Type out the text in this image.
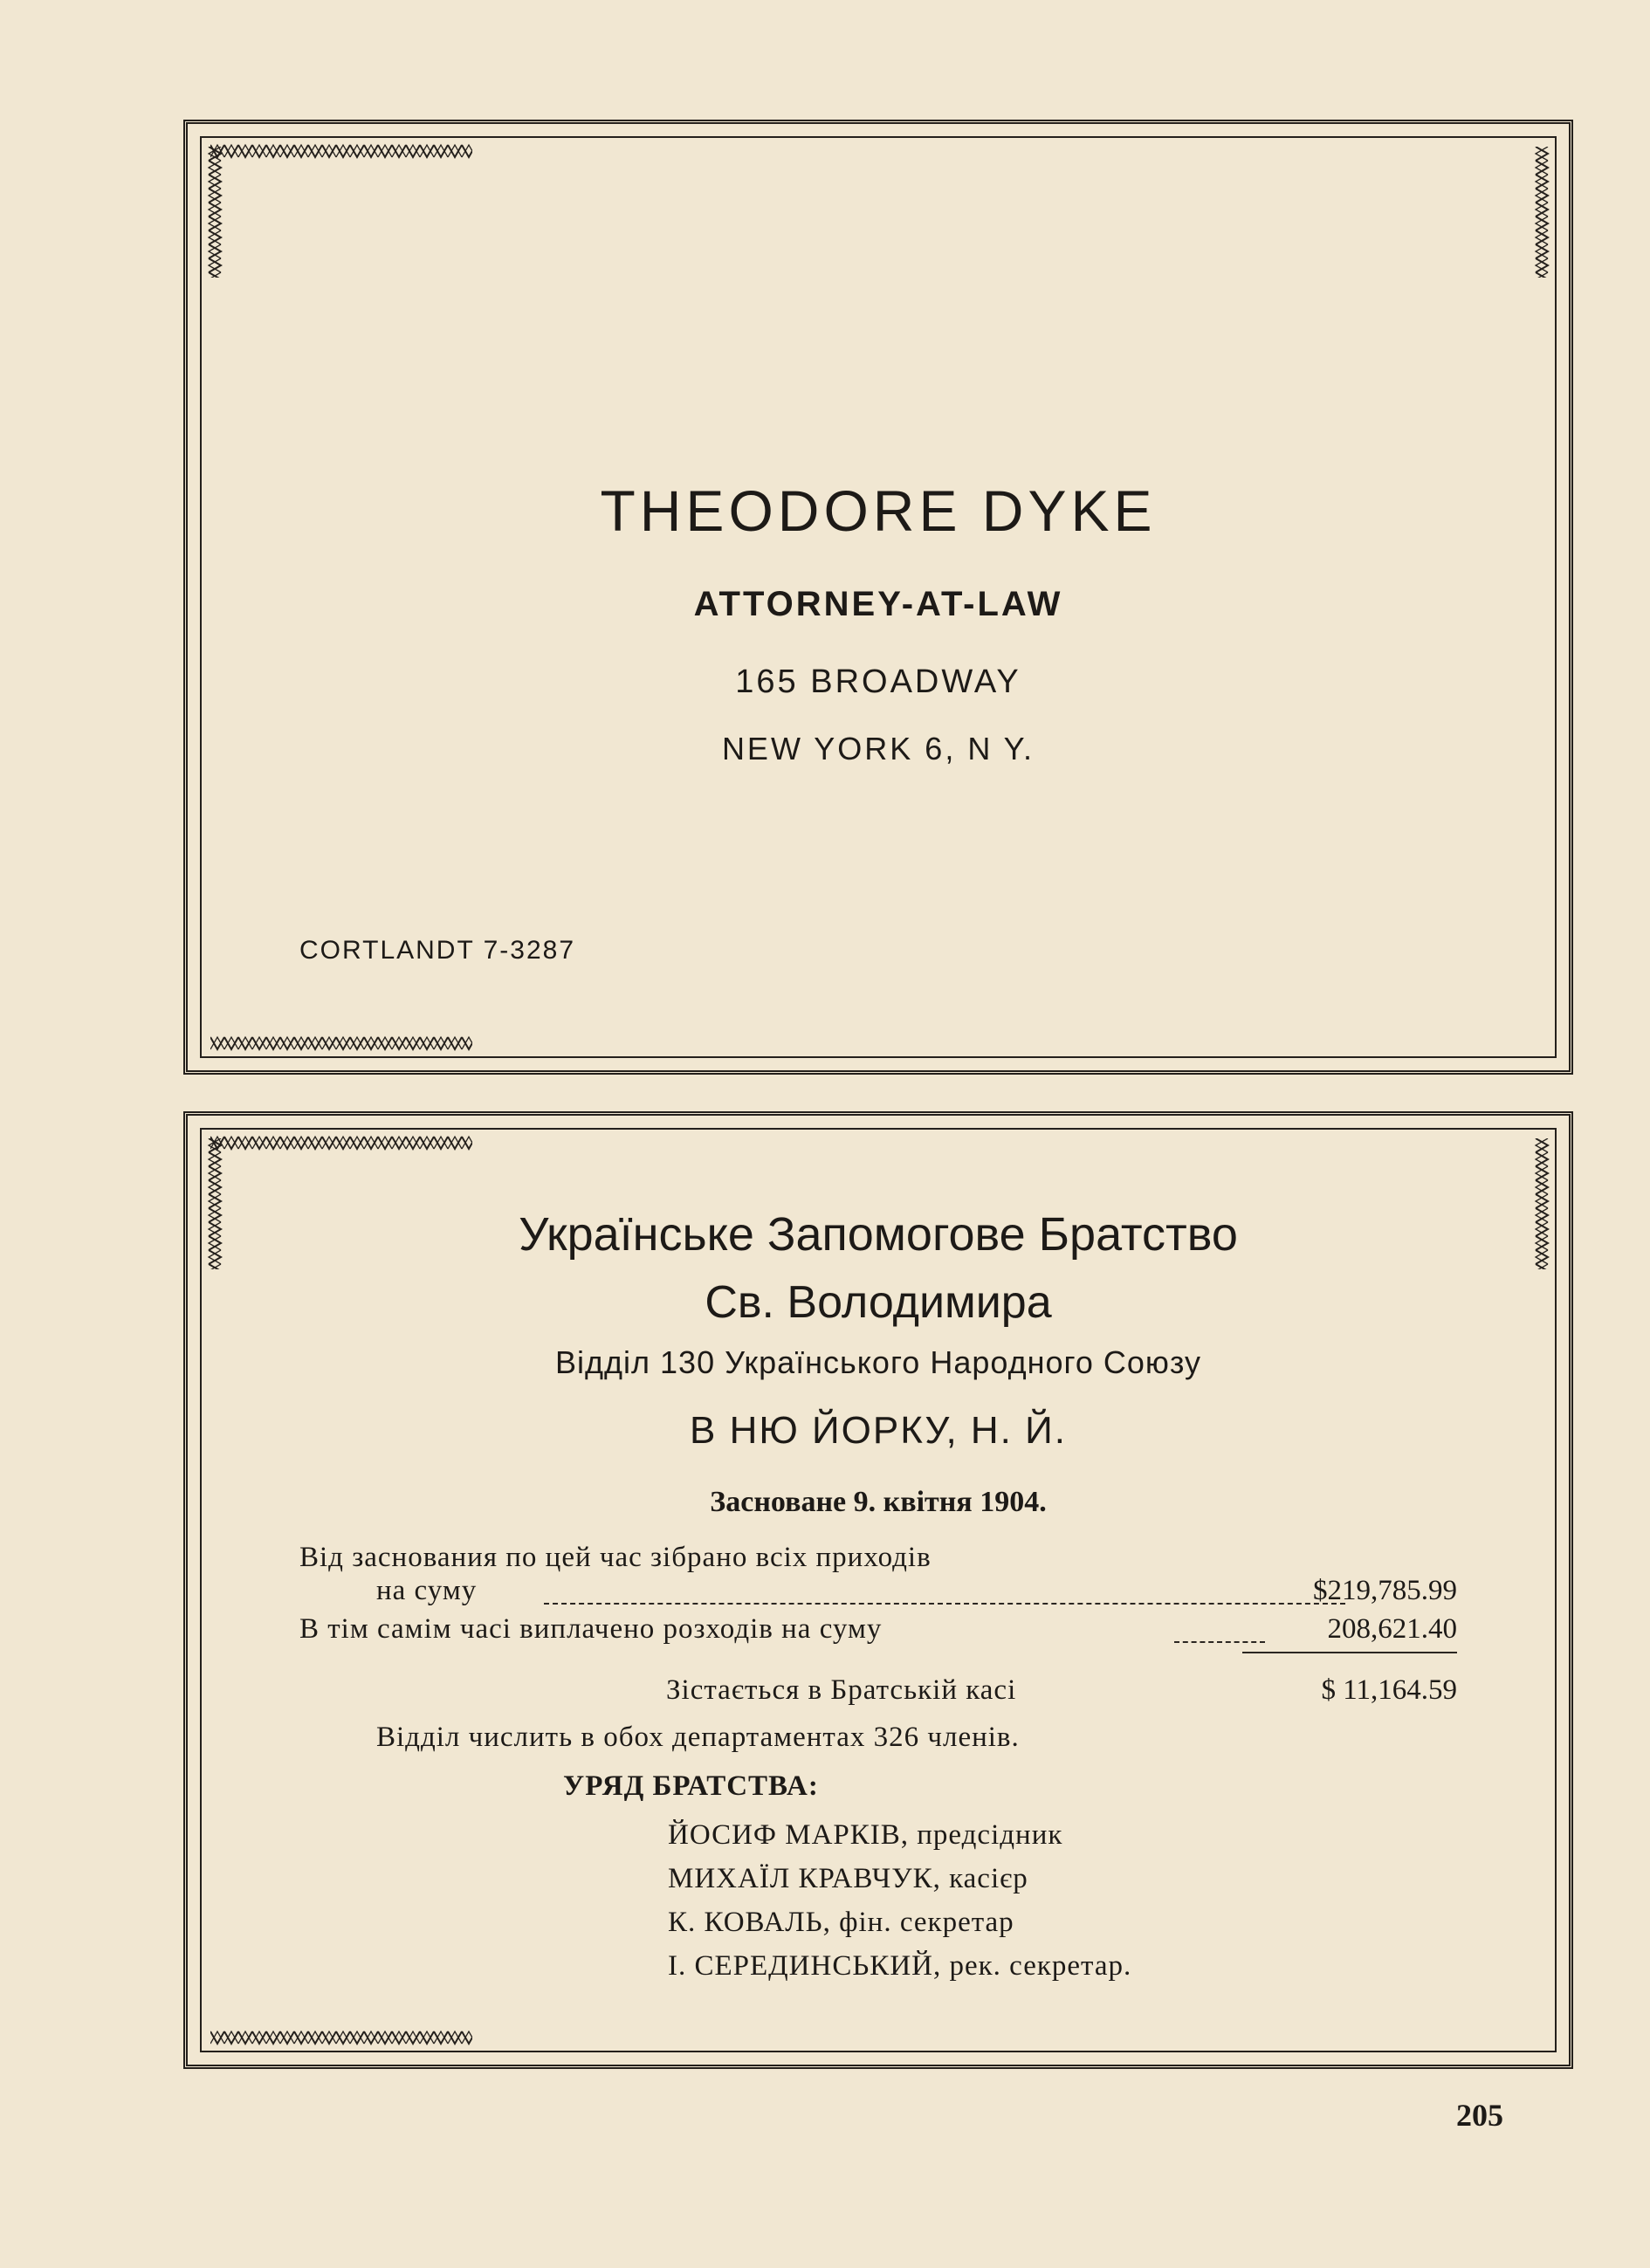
THEODORE DYKE
ATTORNEY-AT-LAW
165 BROADWAY
NEW YORK 6, N Y.
CORTLANDT 7-3287
Українське Запомогове Братство
Св. Володимира
Відділ 130 Українського Народного Союзу
В НЮ ЙОРКУ, Н. Й.
Засноване 9. квітня 1904.
Від заснования по цей час зібрано всіх приходів
на суму	$219,785.99
В тім самім часі виплачено розходів на суму	208,621.40
Зістається в Братській касі	$ 11,164.59
Відділ числить в обох департаментах 326 членів.
УРЯД БРАТСТВА:
ЙОСИФ МАРКІВ, предсідник
МИХАЇЛ КРАВЧУК, касієр
К. КОВАЛЬ, фін. секретар
І. СЕРЕДИНСЬКИЙ, рек. секретар.
205
